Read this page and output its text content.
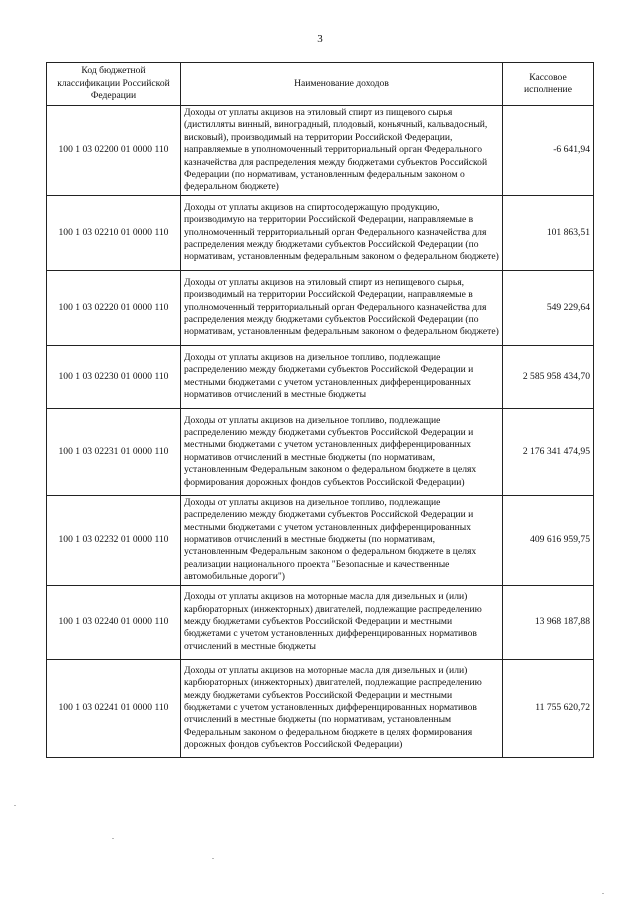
3
Код бюджетной классификации Российской Федерации	Наименование доходов	Кассовое исполнение
100 1 03 02200 01 0000 110	Доходы от уплаты акцизов на этиловый спирт из пищевого сырья (дистилляты винный, виноградный, плодовый, коньячный, кальвадосный, висковый), производимый на территории Российской Федерации, направляемые в уполномоченный территориальный орган Федерального казначейства для распределения между бюджетами субъектов Российской Федерации (по нормативам, установленным федеральным законом о федеральном бюджете)	-6 641,94
100 1 03 02210 01 0000 110	Доходы от уплаты акцизов на спиртосодержащую продукцию, производимую на территории Российской Федерации, направляемые в уполномоченный территориальный орган Федерального казначейства для распределения между бюджетами субъектов Российской Федерации (по нормативам, установленным федеральным законом о федеральном бюджете)	101 863,51
100 1 03 02220 01 0000 110	Доходы от уплаты акцизов на этиловый спирт из непищевого сырья, производимый на территории Российской Федерации, направляемые в уполномоченный территориальный орган Федерального казначейства для распределения между бюджетами субъектов Российской Федерации (по нормативам, установленным федеральным законом о федеральном бюджете)	549 229,64
100 1 03 02230 01 0000 110	Доходы от уплаты акцизов на дизельное топливо, подлежащие распределению между бюджетами субъектов Российской Федерации и местными бюджетами с учетом установленных дифференцированных нормативов отчислений в местные бюджеты	2 585 958 434,70
100 1 03 02231 01 0000 110	Доходы от уплаты акцизов на дизельное топливо, подлежащие распределению между бюджетами субъектов Российской Федерации и местными бюджетами с учетом установленных дифференцированных нормативов отчислений в местные бюджеты (по нормативам, установленным Федеральным законом о федеральном бюджете в целях формирования дорожных фондов субъектов Российской Федерации)	2 176 341 474,95
100 1 03 02232 01 0000 110	Доходы от уплаты акцизов на дизельное топливо, подлежащие распределению между бюджетами субъектов Российской Федерации и местными бюджетами с учетом установленных дифференцированных нормативов отчислений в местные бюджеты (по нормативам, установленным Федеральным законом о федеральном бюджете в целях реализации национального проекта "Безопасные и качественные автомобильные дороги")	409 616 959,75
100 1 03 02240 01 0000 110	Доходы от уплаты акцизов на моторные масла для дизельных и (или) карбюраторных (инжекторных) двигателей, подлежащие распределению между бюджетами субъектов Российской Федерации и местными бюджетами с учетом установленных дифференцированных нормативов отчислений в местные бюджеты	13 968 187,88
100 1 03 02241 01 0000 110	Доходы от уплаты акцизов на моторные масла для дизельных и (или) карбюраторных (инжекторных) двигателей, подлежащие распределению между бюджетами субъектов Российской Федерации и местными бюджетами с учетом установленных дифференцированных нормативов отчислений в местные бюджеты (по нормативам, установленным Федеральным законом о федеральном бюджете в целях формирования дорожных фондов субъектов Российской Федерации)	11 755 620,72
